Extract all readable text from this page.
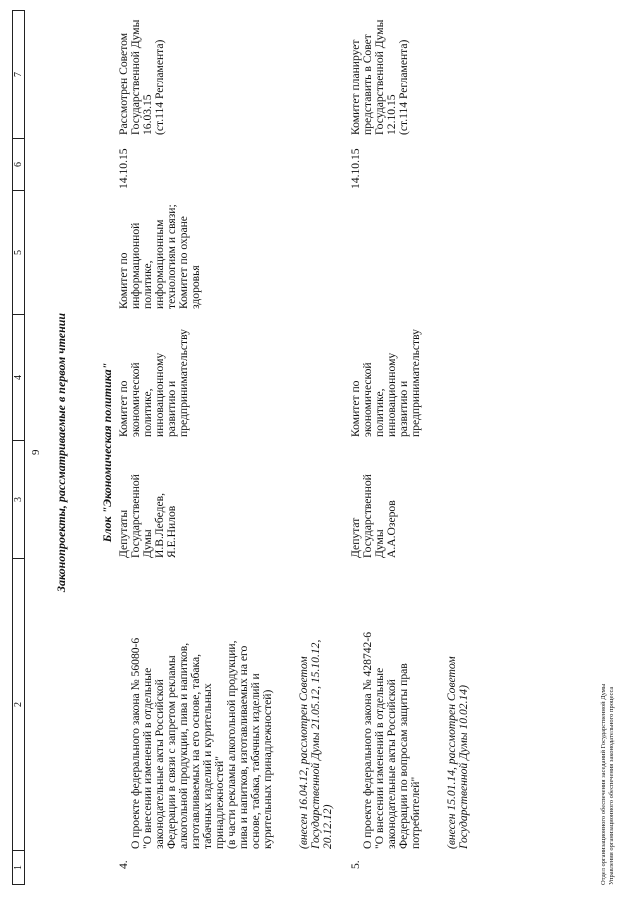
9
1
2
3
4
5
6
7
Законопроекты, рассматриваемые в первом чтении	Блок "Экономическая политика"
4.

О проекте федерального закона № 56080-6
"О внесении изменений в отдельные законодательные акты Российской Федерации в связи с запретом рекламы алкогольной продукции, пива и напитков, изготавливаемых на его основе, табака, табачных изделий и курительных принадлежностей"
(в части рекламы алкогольной продукции, пива и напитков, изготавливаемых на его основе, табака, табачных изделий и курительных принадлежностей) (внесен 16.04.12, рассмотрен Советом Государственной Думы 21.05.12, 15.10.12, 20.12.12)

Депутаты
Государственной Думы
И.В.Лебедев,
Я.Е.Нилов
Комитет по экономической политике, инновационному развитию и предпринимательству
Комитет по информационной политике, информационным технологиям и связи;
Комитет по охране здоровья
14.10.15
Рассмотрен Советом Государственной Думы 16.03.15
(ст.114 Регламента)
5.

О проекте федерального закона № 428742-6
"О внесении изменений в отдельные законодательные акты Российской Федерации по вопросам защиты прав потребителей" (внесен 15.01.14, рассмотрен Советом Государственной Думы 10.02.14)

Депутат
Государственной Думы
А.А.Озеров
Комитет по экономической политике, инновационному развитию и предпринимательству
14.10.15
Комитет планирует представить в Совет Государственной Думы 12.10.15
(ст.114 Регламента)
Отдел организационного обеспечения заседаний Государственной Думы Управления организационного обеспечения законодательного процесса
